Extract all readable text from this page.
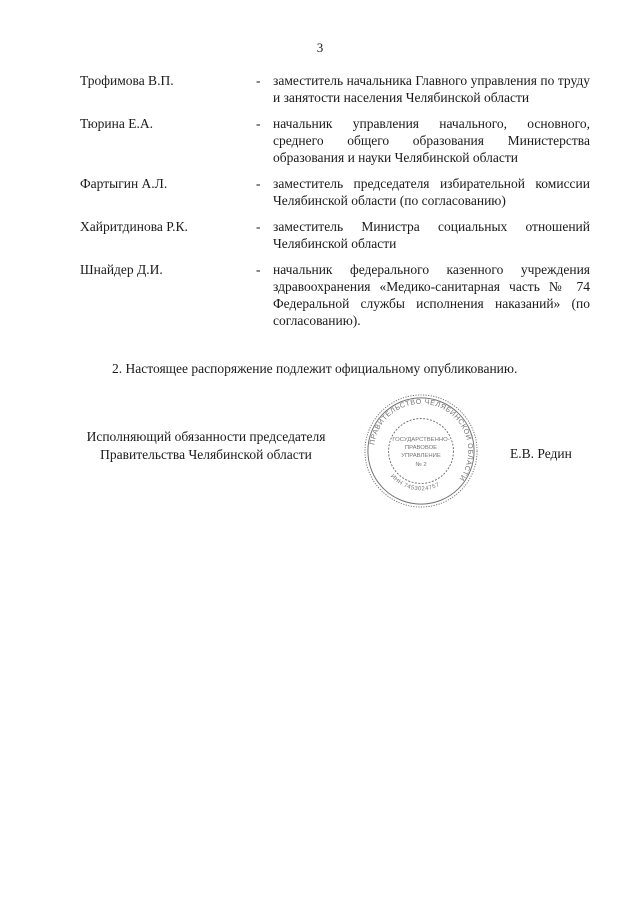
3
Трофимова В.П.	- заместитель начальника Главного управления по труду и занятости населения Челябинской области
Тюрина Е.А.	- начальник управления начального, основного, среднего общего образования Министерства образования и науки Челябинской области
Фартыгин А.Л.	- заместитель председателя избирательной комиссии Челябинской области (по согласованию)
Хайритдинова Р.К.	- заместитель Министра социальных отношений Челябинской области
Шнайдер Д.И.	- начальник федерального казенного учреждения здравоохранения «Медико-санитарная часть № 74 Федеральной службы исполнения наказаний» (по согласованию).
2. Настоящее распоряжение подлежит официальному опубликованию.
Исполняющий обязанности председателя
Правительства Челябинской области
ПРАВИТЕЛЬСТВО ЧЕЛЯБИНСКОЙ ОБЛАСТИ
ИНН 7453024757
ГОСУДАРСТВЕННО-
ПРАВОВОЕ
УПРАВЛЕНИЕ
№ 2
Е.В. Редин
